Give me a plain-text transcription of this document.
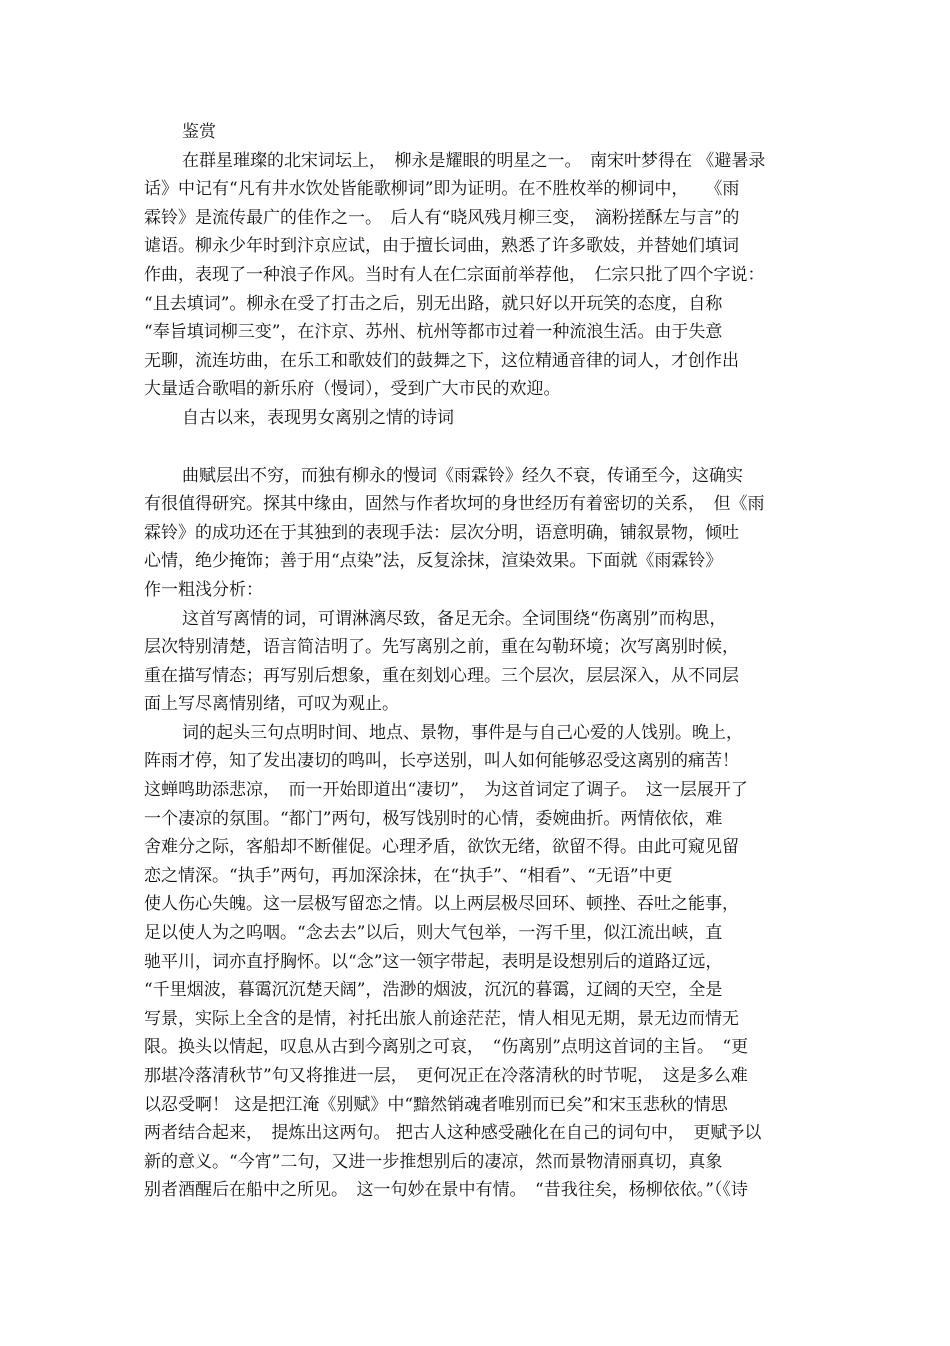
鉴赏
在群星璀璨的北宋词坛上，　柳永是耀眼的明星之一。　南宋叶梦得在 《避暑录
话》中记有“凡有井水饮处皆能歌柳词”即为证明。在不胜枚举的柳词中，　　《雨
霖铃》是流传最广的佳作之一。　后人有“晓风残月柳三变，　滴粉搓酥左与言”的
谑语。柳永少年时到汴京应试，由于擅长词曲，熟悉了许多歌妓，并替她们填词
作曲，表现了一种浪子作风。当时有人在仁宗面前举荐他，　仁宗只批了四个字说：
“且去填词”。柳永在受了打击之后，别无出路，就只好以开玩笑的态度，自称
“奉旨填词柳三变”，在汴京、苏州、杭州等都市过着一种流浪生活。由于失意
无聊，流连坊曲，在乐工和歌妓们的鼓舞之下，这位精通音律的词人，才创作出
大量适合歌唱的新乐府（慢词），受到广大市民的欢迎。
自古以来，表现男女离别之情的诗词
曲赋层出不穷，而独有柳永的慢词《雨霖铃》经久不衰，传诵至今，这确实
有很值得研究。探其中缘由，固然与作者坎坷的身世经历有着密切的关系，　但《雨
霖铃》的成功还在于其独到的表现手法：层次分明，语意明确，铺叙景物，倾吐
心情，绝少掩饰；善于用“点染”法，反复涂抹，渲染效果。下面就《雨霖铃》
作一粗浅分析：
这首写离情的词，可谓淋漓尽致，备足无余。全词围绕“伤离别”而构思，
层次特别清楚，语言简洁明了。先写离别之前，重在勾勒环境；次写离别时候，
重在描写情态；再写别后想象，重在刻划心理。三个层次，层层深入，从不同层
面上写尽离情别绪，可叹为观止。
词的起头三句点明时间、地点、景物，事件是与自己心爱的人饯别。晚上，
阵雨才停，知了发出凄切的鸣叫，长亭送别，叫人如何能够忍受这离别的痛苦！
这蝉鸣助添悲凉，　而一开始即道出“凄切”，　为这首词定了调子。　这一层展开了
一个凄凉的氛围。“都门”两句，极写饯别时的心情，委婉曲折。两情依依，难
舍难分之际，客船却不断催促。心理矛盾，欲饮无绪，欲留不得。由此可窥见留
恋之情深。“执手”两句，再加深涂抹，在“执手”、“相看”、“无语”中更
使人伤心失魄。这一层极写留恋之情。以上两层极尽回环、顿挫、吞吐之能事，
足以使人为之呜咽。“念去去”以后，则大气包举，一泻千里，似江流出峡，直
驰平川，词亦直抒胸怀。以“念”这一领字带起，表明是设想别后的道路辽远，
“千里烟波，暮霭沉沉楚天阔”，浩渺的烟波，沉沉的暮霭，辽阔的天空，全是
写景，实际上全含的是情，衬托出旅人前途茫茫，情人相见无期，景无边而情无
限。换头以情起，叹息从古到今离别之可哀，　“伤离别”点明这首词的主旨。　“更
那堪冷落清秋节”句又将推进一层，　更何况正在冷落清秋的时节呢，　这是多么难
以忍受啊！ 这是把江淹《别赋》中“黯然销魂者唯别而已矣”和宋玉悲秋的情思
两者结合起来，　提炼出这两句。 把古人这种感受融化在自己的词句中，　更赋予以
新的意义。“今宵”二句，又进一步推想别后的凄凉，然而景物清丽真切，真象
别者酒醒后在船中之所见。　这一句妙在景中有情。　“昔我往矣，杨柳依依。”（《诗
